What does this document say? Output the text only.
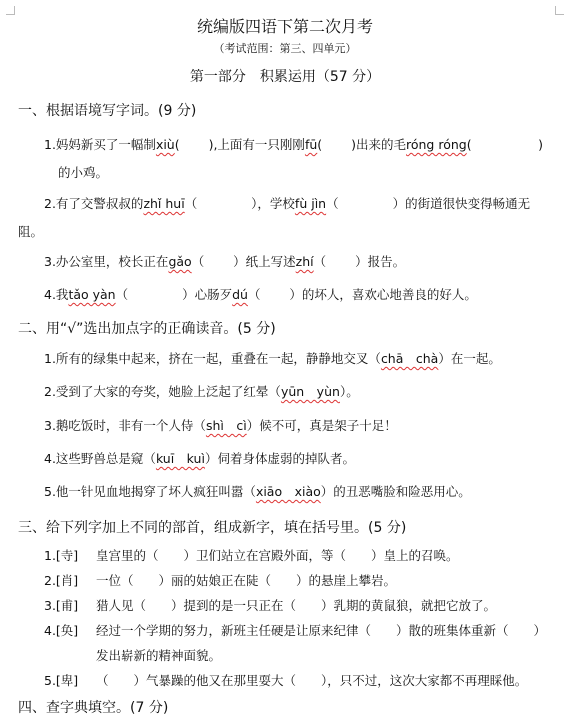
统编版四语下第二次月考
（考试范围：第三、四单元）
第一部分　积累运用（57 分）
一、根据语境写字词。(9 分)
1.妈妈新买了一幅制xiù(　　 ),上面有一只刚刚fū(　　 )出来的毛róng róng(　　　　　 )
的小鸡。
2.有了交警叔叔的zhǐ huī（　　　　 ），学校fù jìn（　　　　 ）的街道很快变得畅通无
阻。
3.办公室里，校长正在gǎo（　　 ）纸上写述zhí（　　 ）报告。
4.我tǎo yàn（　　　　 ）心肠歹dú（　　 ）的坏人，喜欢心地善良的好人。
二、用“√”选出加点字的正确读音。(5 分)
1.所有的绿集中起来，挤在一起，重叠在一起，静静地交叉（chā　chà）在一起。
2.受到了大家的夸奖，她脸上泛起了红晕（yūn　yùn）。
3.鹅吃饭时，非有一个人侍（shì　cì）候不可，真是架子十足！
4.这些野兽总是窥（kuī　kuì）伺着身体虚弱的掉队者。
5.他一针见血地揭穿了坏人疯狂叫嚣（xiāo　xiào）的丑恶嘴脸和险恶用心。
三、给下列字加上不同的部首，组成新字，填在括号里。(5 分)
1.[寺] 皇宫里的（　　）卫们站立在宫殿外面，等（　　）皇上的召唤。
2.[肖] 一位（　　）丽的姑娘正在陡（　　）的悬崖上攀岩。
3.[甫] 猎人见（　　）提到的是一只正在（　　）乳期的黄鼠狼，就把它放了。
4.[奂] 经过一个学期的努力，新班主任硬是让原来纪律（　　）散的班集体重新（　　）
发出崭新的精神面貌。
5.[卑] （　　）气暴躁的他又在那里耍大（　　），只不过，这次大家都不再理睬他。
四、查字典填空。(7 分)
